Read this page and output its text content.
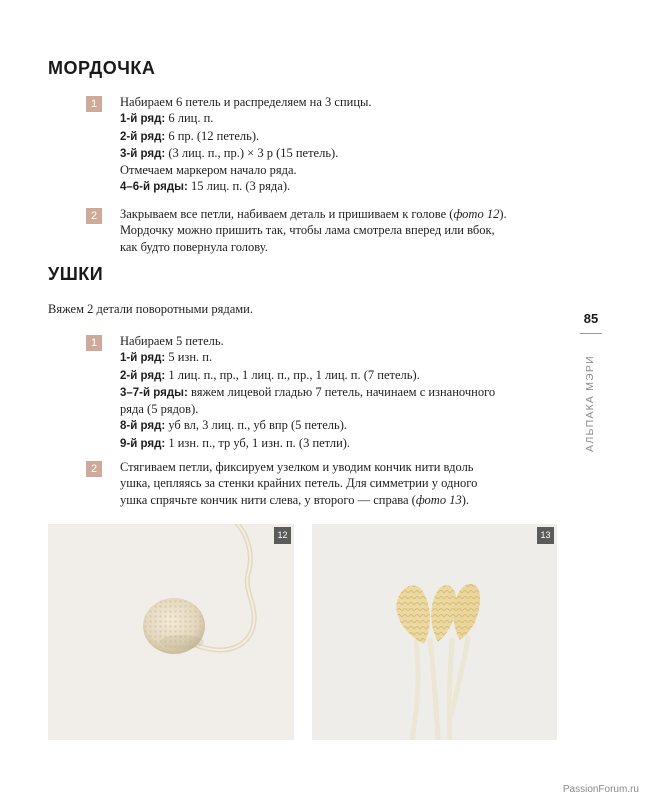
МОРДОЧКА
1	Набираем 6 петель и распределяем на 3 спицы.
1-й ряд: 6 лиц. п.
2-й ряд: 6 пр. (12 петель).
3-й ряд: (3 лиц. п., пр.) × 3 р (15 петель).
Отмечаем маркером начало ряда.
4–6-й ряды: 15 лиц. п. (3 ряда).
2	Закрываем все петли, набиваем деталь и пришиваем к голове (фото 12).
Мордочку можно пришить так, чтобы лама смотрела вперед или вбок,
как будто повернула голову.
УШКИ
Вяжем 2 детали поворотными рядами.
1	Набираем 5 петель.
1-й ряд: 5 изн. п.
2-й ряд: 1 лиц. п., пр., 1 лиц. п., пр., 1 лиц. п. (7 петель).
3–7-й ряды: вяжем лицевой гладью 7 петель, начинаем с изнаночного
ряда (5 рядов).
8-й ряд: уб вл, 3 лиц. п., уб впр (5 петель).
9-й ряд: 1 изн. п., тр уб, 1 изн. п. (3 петли).
2	Стягиваем петли, фиксируем узелком и уводим кончик нити вдоль
ушка, цепляясь за стенки крайних петель. Для симметрии у одного
ушка спрячьте кончик нити слева, у второго — справа (фото 13).
85
АЛЬПАКА МЭРИ
12	13
PassionForum.ru
